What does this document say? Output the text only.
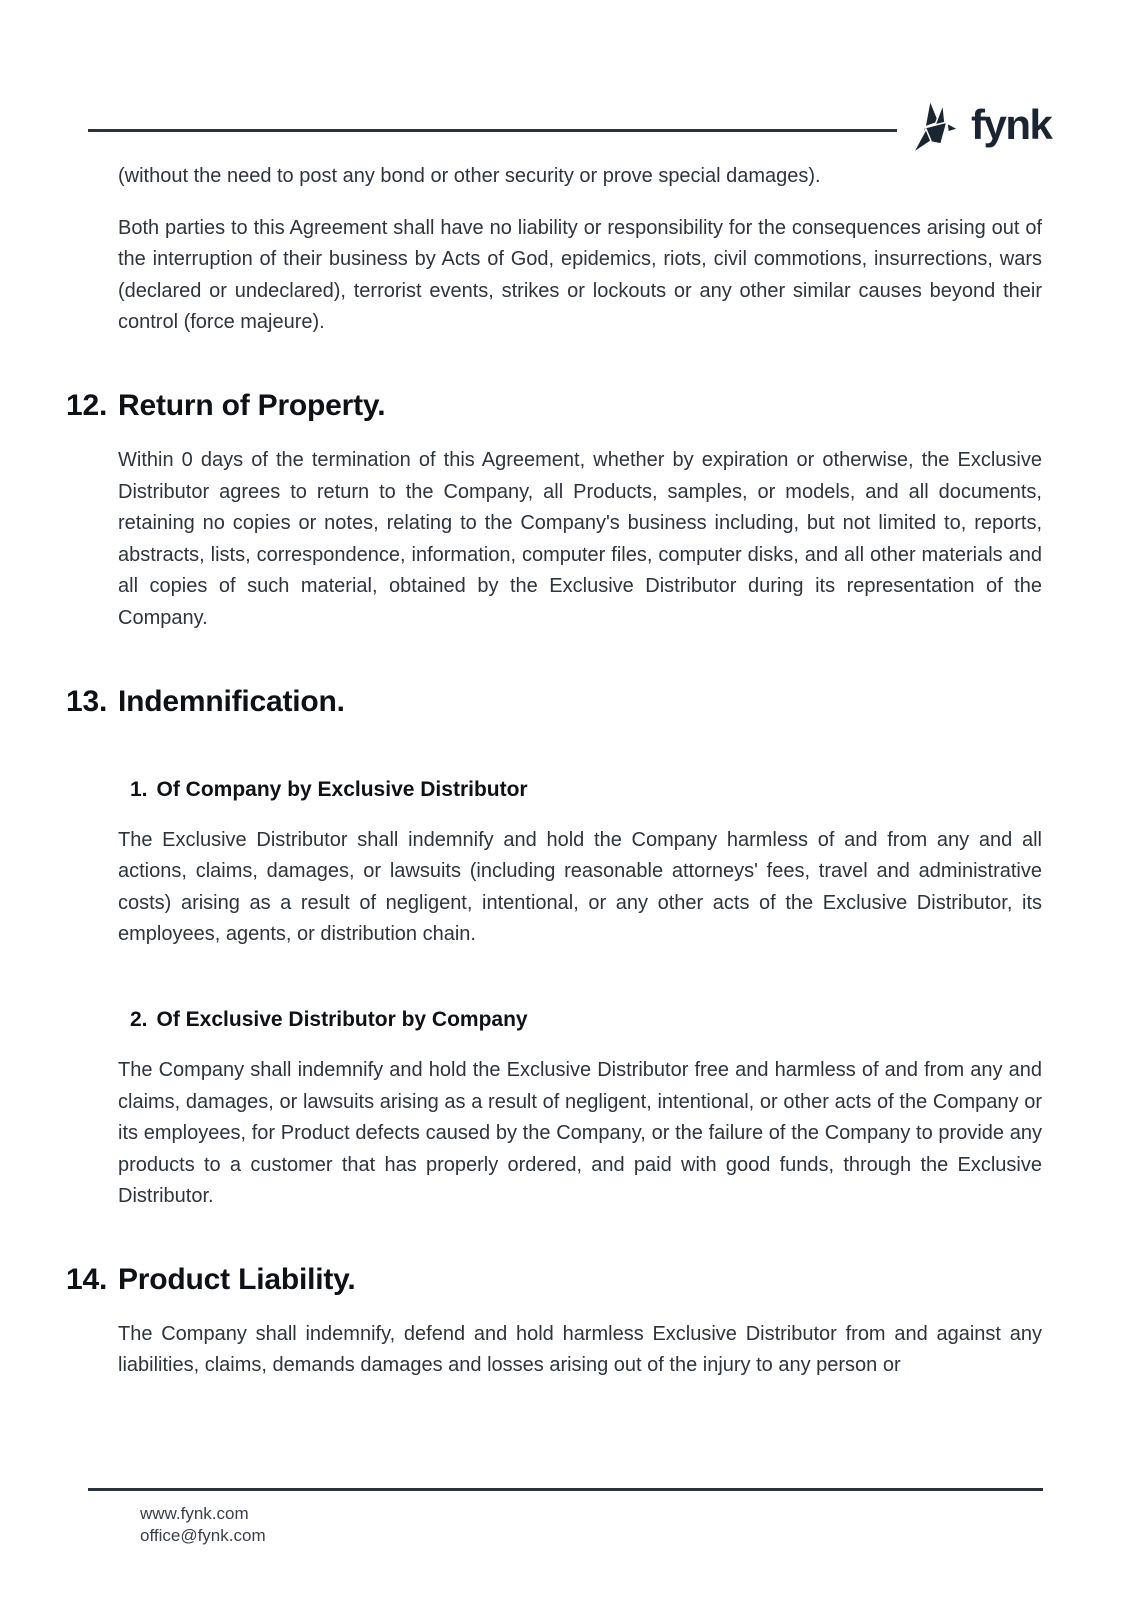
fynk

(without the need to post any bond or other security or prove special damages).

Both parties to this Agreement shall have no liability or responsibility for the consequences arising out of the interruption of their business by Acts of God, epidemics, riots, civil commotions, insurrections, wars (declared or undeclared), terrorist events, strikes or lockouts or any other similar causes beyond their control (force majeure).

12. Return of Property.

Within 0 days of the termination of this Agreement, whether by expiration or otherwise, the Exclusive Distributor agrees to return to the Company, all Products, samples, or models, and all documents, retaining no copies or notes, relating to the Company's business including, but not limited to, reports, abstracts, lists, correspondence, information, computer files, computer disks, and all other materials and all copies of such material, obtained by the Exclusive Distributor during its representation of the Company.

13. Indemnification.
1. Of Company by Exclusive Distributor

The Exclusive Distributor shall indemnify and hold the Company harmless of and from any and all actions, claims, damages, or lawsuits (including reasonable attorneys' fees, travel and administrative costs) arising as a result of negligent, intentional, or any other acts of the Exclusive Distributor, its employees, agents, or distribution chain.

2. Of Exclusive Distributor by Company

The Company shall indemnify and hold the Exclusive Distributor free and harmless of and from any and claims, damages, or lawsuits arising as a result of negligent, intentional, or other acts of the Company or its employees, for Product defects caused by the Company, or the failure of the Company to provide any products to a customer that has properly ordered, and paid with good funds, through the Exclusive Distributor.

14. Product Liability.

The Company shall indemnify, defend and hold harmless Exclusive Distributor from and against any liabilities, claims, demands damages and losses arising out of the injury to any person or

www.fynk.com
office@fynk.com
